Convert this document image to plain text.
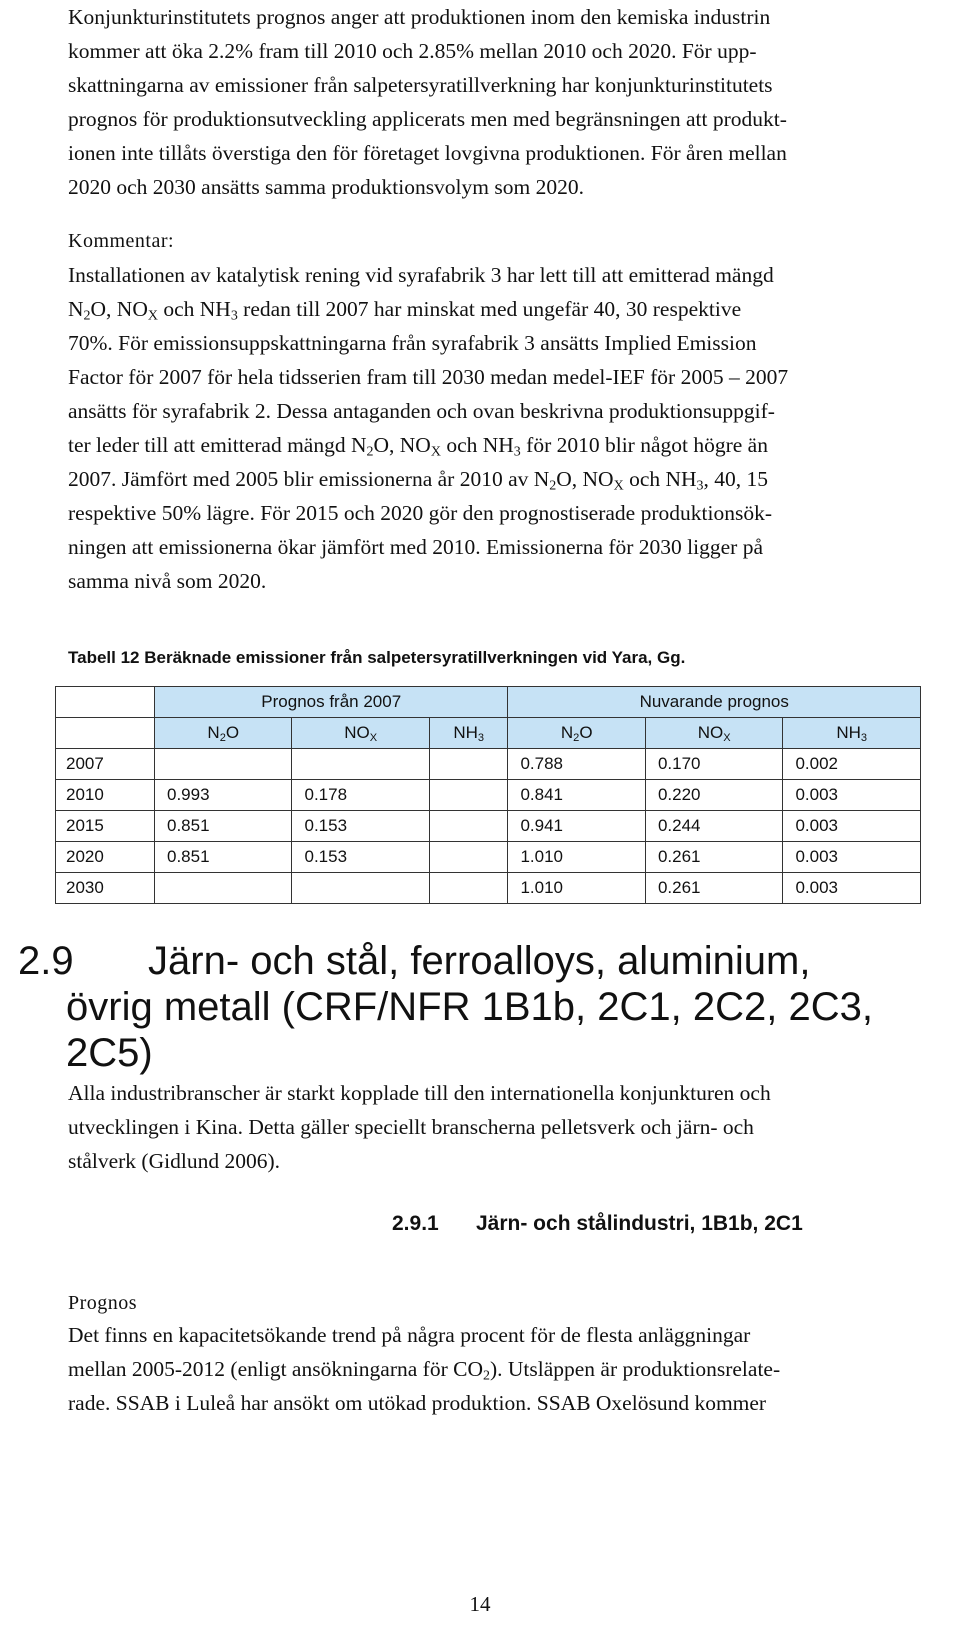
Konjunkturinstitutets prognos anger att produktionen inom den kemiska industrin
kommer att öka 2.2% fram till 2010 och 2.85% mellan 2010 och 2020. För upp-
skattningarna av emissioner från salpetersyratillverkning har konjunkturinstitutets
prognos för produktionsutveckling applicerats men med begränsningen att produkt-
ionen inte tillåts överstiga den för företaget lovgivna produktionen. För åren mellan
2020 och 2030 ansätts samma produktionsvolym som 2020.

Kommentar:

Installationen av katalytisk rening vid syrafabrik 3 har lett till att emitterad mängd
$N_2O$, $NO_X$ och $NH_3$ redan till 2007 har minskat med ungefär 40, 30 respektive
70%. För emissionsuppskattningarna från syrafabrik 3 ansätts Implied Emission
Factor för 2007 för hela tidsserien fram till 2030 medan medel-IEF för 2005 – 2007
ansätts för syrafabrik 2. Dessa antaganden och ovan beskrivna produktionsuppgif-
ter leder till att emitterad mängd $N_2O$, $NO_X$ och $NH_3$ för 2010 blir något högre än
2007. Jämfört med 2005 blir emissionerna år 2010 av $N_2O$, $NO_X$ och $NH_3$, 40, 15
respektive 50% lägre. För 2015 och 2020 gör den prognostiserade produktionsök-
ningen att emissionerna ökar jämfört med 2010. Emissionerna för 2030 ligger på
samma nivå som 2020.

Tabell 12 Beräknade emissioner från salpetersyratillverkningen vid Yara, Gg.

	Prognos från 2007			Nuvarande prognos		
	$N_2O$	$NO_X$	$NH_3$	$N_2O$	$NO_X$	$NH_3$
2007				0.788	0.170	0.002
2010	0.993	0.178		0.841	0.220	0.003
2015	0.851	0.153		0.941	0.244	0.003
2020	0.851	0.153		1.010	0.261	0.003
2030				1.010	0.261	0.003
2.9 Järn- och stål, ferroalloys, aluminium,
övrig metall (CRF/NFR 1B1b, 2C1, 2C2, 2C3,
2C5)
Alla industribranscher är starkt kopplade till den internationella konjunkturen och
utvecklingen i Kina. Detta gäller speciellt branscherna pelletsverk och järn- och
stålverk (Gidlund 2006).
2.9.1 Järn- och stålindustri, 1B1b, 2C1

Prognos

Det finns en kapacitetsökande trend på några procent för de flesta anläggningar
mellan 2005-2012 (enligt ansökningarna för $CO_2$). Utsläppen är produktionsrelate-
rade. SSAB i Luleå har ansökt om utökad produktion. SSAB Oxelösund kommer

14
